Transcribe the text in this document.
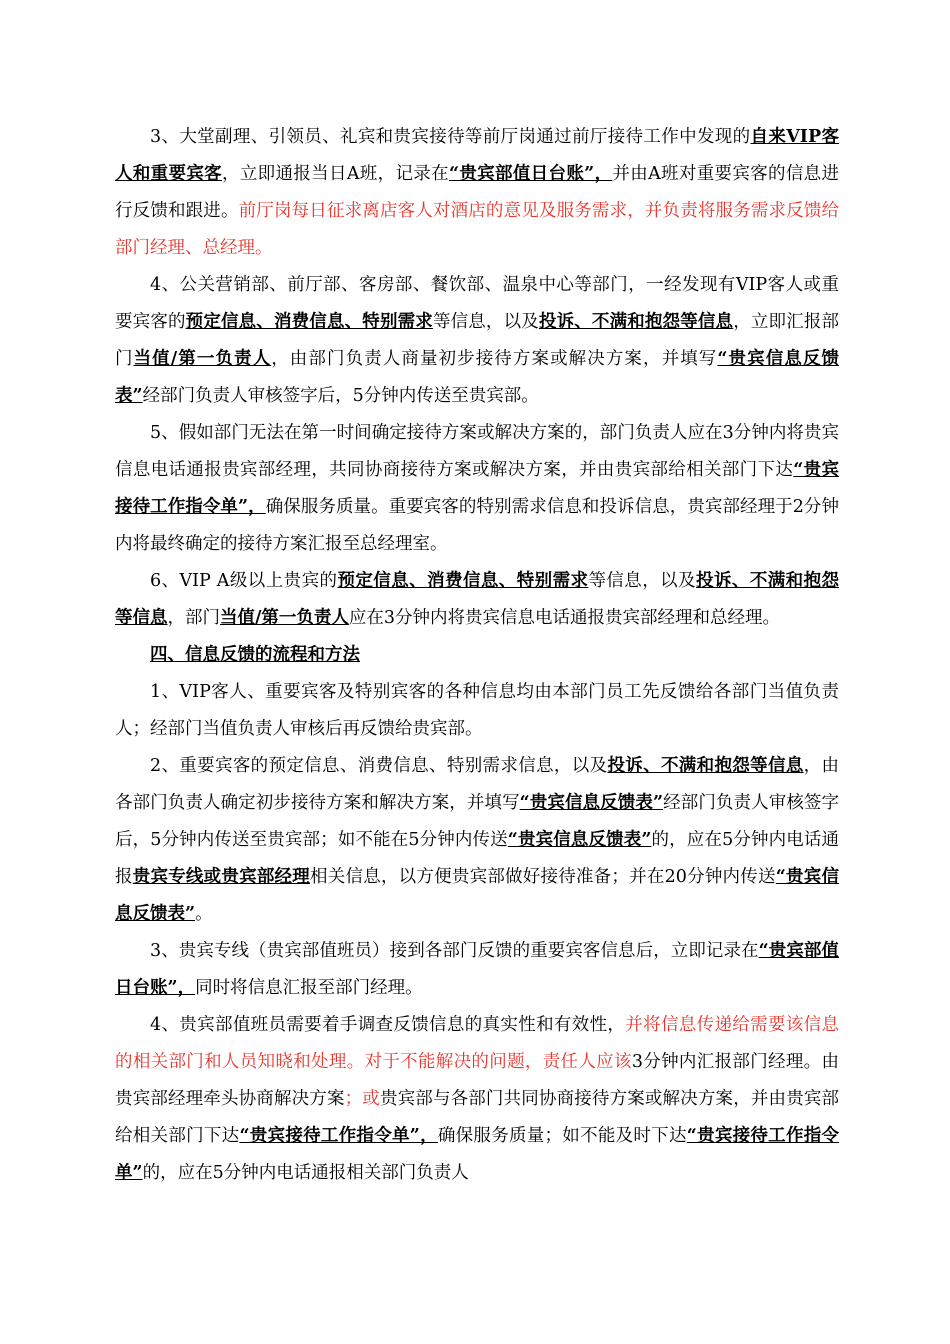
3、大堂副理、引领员、礼宾和贵宾接待等前厅岗通过前厅接待工作中发现的自来VIP客人和重要宾客，立即通报当日A班，记录在“贵宾部值日台账”，并由A班对重要宾客的信息进行反馈和跟进。前厅岗每日征求离店客人对酒店的意见及服务需求，并负责将服务需求反馈给部门经理、总经理。

4、公关营销部、前厅部、客房部、餐饮部、温泉中心等部门，一经发现有VIP客人或重要宾客的预定信息、消费信息、特别需求等信息，以及投诉、不满和抱怨等信息，立即汇报部门当值/第一负责人，由部门负责人商量初步接待方案或解决方案，并填写“贵宾信息反馈表”经部门负责人审核签字后，5分钟内传送至贵宾部。

5、假如部门无法在第一时间确定接待方案或解决方案的，部门负责人应在3分钟内将贵宾信息电话通报贵宾部经理，共同协商接待方案或解决方案，并由贵宾部给相关部门下达“贵宾接待工作指令单”，确保服务质量。重要宾客的特别需求信息和投诉信息，贵宾部经理于2分钟内将最终确定的接待方案汇报至总经理室。

6、VIP A级以上贵宾的预定信息、消费信息、特别需求等信息，以及投诉、不满和抱怨等信息，部门当值/第一负责人应在3分钟内将贵宾信息电话通报贵宾部经理和总经理。

四、信息反馈的流程和方法

1、VIP客人、重要宾客及特别宾客的各种信息均由本部门员工先反馈给各部门当值负责人；经部门当值负责人审核后再反馈给贵宾部。

2、重要宾客的预定信息、消费信息、特别需求信息，以及投诉、不满和抱怨等信息，由各部门负责人确定初步接待方案和解决方案，并填写“贵宾信息反馈表”经部门负责人审核签字后，5分钟内传送至贵宾部；如不能在5分钟内传送“贵宾信息反馈表”的，应在5分钟内电话通报贵宾专线或贵宾部经理相关信息，以方便贵宾部做好接待准备；并在20分钟内传送“贵宾信息反馈表”。

3、贵宾专线（贵宾部值班员）接到各部门反馈的重要宾客信息后，立即记录在“贵宾部值日台账”，同时将信息汇报至部门经理。

4、贵宾部值班员需要着手调查反馈信息的真实性和有效性，并将信息传递给需要该信息的相关部门和人员知晓和处理。对于不能解决的问题，责任人应该3分钟内汇报部门经理。由贵宾部经理牵头协商解决方案；或贵宾部与各部门共同协商接待方案或解决方案，并由贵宾部给相关部门下达“贵宾接待工作指令单”，确保服务质量；如不能及时下达“贵宾接待工作指令单”的，应在5分钟内电话通报相关部门负责人
